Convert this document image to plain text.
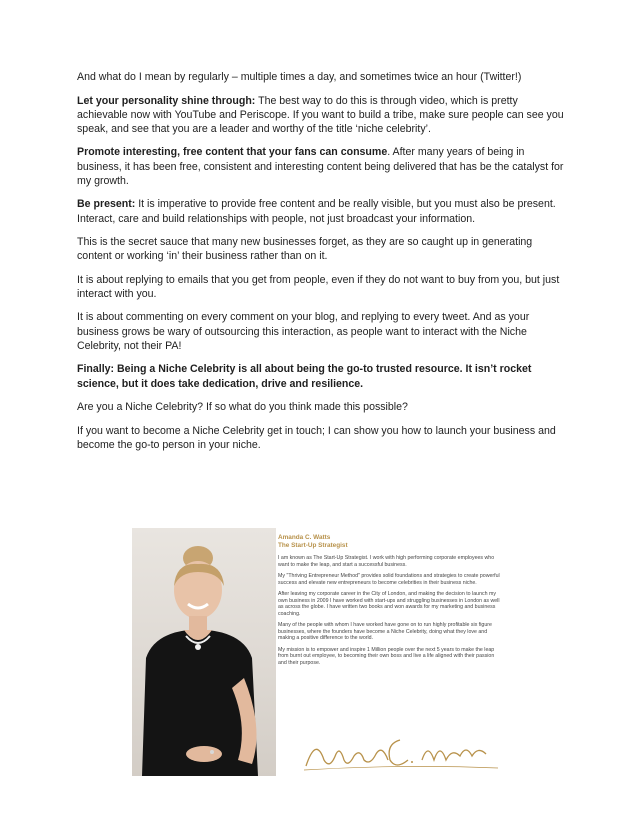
And what do I mean by regularly – multiple times a day, and sometimes twice an hour (Twitter!)

Let your personality shine through: The best way to do this is through video, which is pretty achievable now with YouTube and Periscope. If you want to build a tribe, make sure people can see you speak, and see that you are a leader and worthy of the title ‘niche celebrity’.

Promote interesting, free content that your fans can consume. After many years of being in business, it has been free, consistent and interesting content being delivered that has be the catalyst for my growth.

Be present: It is imperative to provide free content and be really visible, but you must also be present. Interact, care and build relationships with people, not just broadcast your information.

This is the secret sauce that many new businesses forget, as they are so caught up in generating content or working ‘in’ their business rather than on it.

It is about replying to emails that you get from people, even if they do not want to buy from you, but just interact with you.

It is about commenting on every comment on your blog, and replying to every tweet. And as your business grows be wary of outsourcing this interaction, as people want to interact with the Niche Celebrity, not their PA!

Finally: Being a Niche Celebrity is all about being the go-to trusted resource. It isn’t rocket science, but it does take dedication, drive and resilience.

Are you a Niche Celebrity? If so what do you think made this possible?

If you want to become a Niche Celebrity get in touch; I can show you how to launch your business and become the go-to person in your niche.

Amanda C. Watts
The Start-Up Strategist

I am known as The Start-Up Strategist. I work with high performing corporate employees who want to make the leap, and start a successful business.

My "Thriving Entrepreneur Method" provides solid foundations and strategies to create powerful success and elevate new entrepreneurs to become celebrities in their business niche.

After leaving my corporate career in the City of London, and making the decision to launch my own business in 2009 I have worked with start-ups and struggling businesses in London as well as across the globe. I have written two books and won awards for my marketing and business coaching.

Many of the people with whom I have worked have gone on to run highly profitable six figure businesses, where the founders have become a Niche Celebrity, doing what they love and making a positive difference to the world.

My mission is to empower and inspire 1 Million people over the next 5 years to make the leap from burnt out employee, to becoming their own boss and live a life aligned with their passion and their purpose.
